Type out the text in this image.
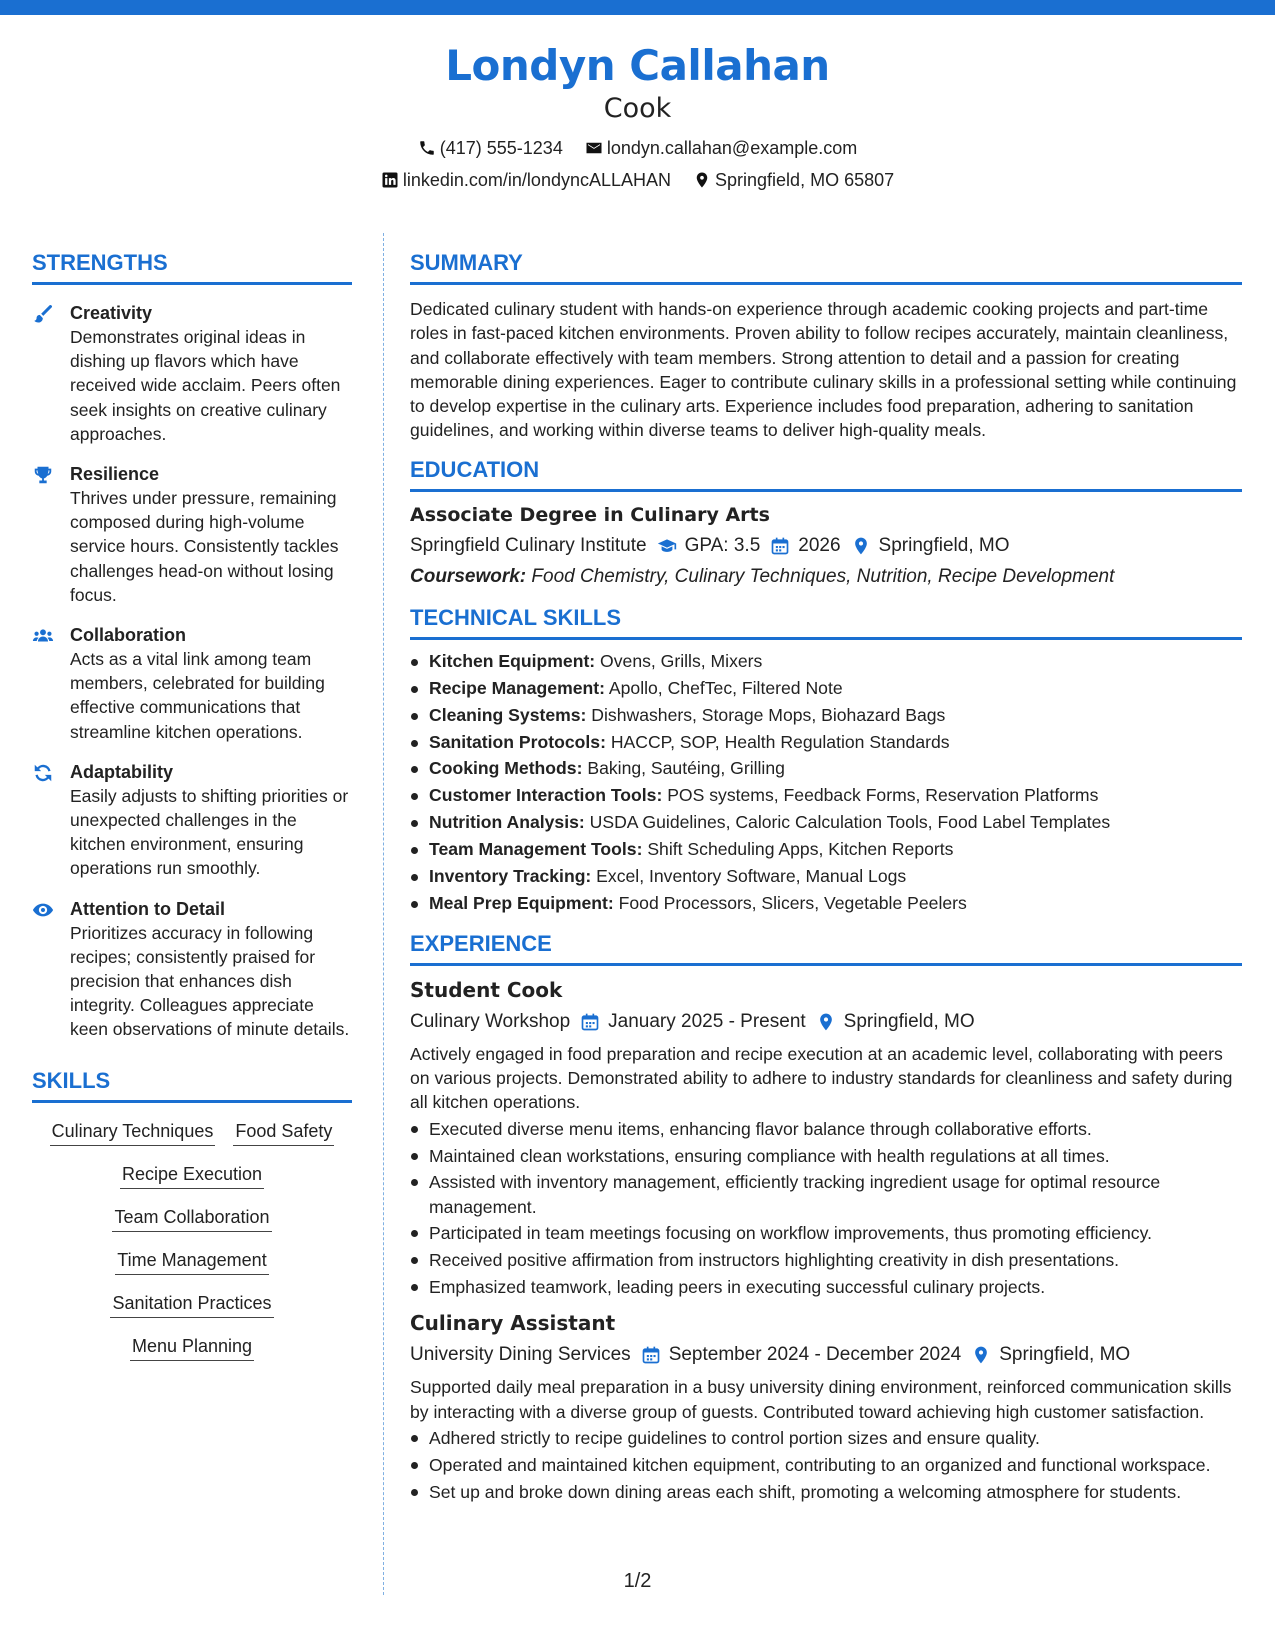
Londyn Callahan
Cook
(417) 555-1234 londyn.callahan@example.com
linkedin.com/in/londyncALLAHAN Springfield, MO 65807
STRENGTHS
Creativity
Demonstrates original ideas in dishing up flavors which have received wide acclaim. Peers often seek insights on creative culinary approaches.
Resilience
Thrives under pressure, remaining composed during high-volume service hours. Consistently tackles challenges head-on without losing focus.
Collaboration
Acts as a vital link among team members, celebrated for building effective communications that streamline kitchen operations.
Adaptability
Easily adjusts to shifting priorities or unexpected challenges in the kitchen environment, ensuring operations run smoothly.
Attention to Detail
Prioritizes accuracy in following recipes; consistently praised for precision that enhances dish integrity. Colleagues appreciate keen observations of minute details.
SKILLS
Culinary Techniques Food Safety
Recipe Execution
Team Collaboration
Time Management
Sanitation Practices
Menu Planning
SUMMARY
Dedicated culinary student with hands-on experience through academic cooking projects and part-time roles in fast-paced kitchen environments. Proven ability to follow recipes accurately, maintain cleanliness, and collaborate effectively with team members. Strong attention to detail and a passion for creating memorable dining experiences. Eager to contribute culinary skills in a professional setting while continuing to develop expertise in the culinary arts. Experience includes food preparation, adhering to sanitation guidelines, and working within diverse teams to deliver high-quality meals.
EDUCATION
Associate Degree in Culinary Arts
Springfield Culinary Institute GPA: 3.5 2026 Springfield, MO
Coursework: Food Chemistry, Culinary Techniques, Nutrition, Recipe Development
TECHNICAL SKILLS
Kitchen Equipment: Ovens, Grills, Mixers
Recipe Management: Apollo, ChefTec, Filtered Note
Cleaning Systems: Dishwashers, Storage Mops, Biohazard Bags
Sanitation Protocols: HACCP, SOP, Health Regulation Standards
Cooking Methods: Baking, Sautéing, Grilling
Customer Interaction Tools: POS systems, Feedback Forms, Reservation Platforms
Nutrition Analysis: USDA Guidelines, Caloric Calculation Tools, Food Label Templates
Team Management Tools: Shift Scheduling Apps, Kitchen Reports
Inventory Tracking: Excel, Inventory Software, Manual Logs
Meal Prep Equipment: Food Processors, Slicers, Vegetable Peelers
EXPERIENCE
Student Cook
Culinary Workshop January 2025 - Present Springfield, MO
Actively engaged in food preparation and recipe execution at an academic level, collaborating with peers on various projects. Demonstrated ability to adhere to industry standards for cleanliness and safety during all kitchen operations.
Executed diverse menu items, enhancing flavor balance through collaborative efforts.
Maintained clean workstations, ensuring compliance with health regulations at all times.
Assisted with inventory management, efficiently tracking ingredient usage for optimal resource management.
Participated in team meetings focusing on workflow improvements, thus promoting efficiency.
Received positive affirmation from instructors highlighting creativity in dish presentations.
Emphasized teamwork, leading peers in executing successful culinary projects.
Culinary Assistant
University Dining Services September 2024 - December 2024 Springfield, MO
Supported daily meal preparation in a busy university dining environment, reinforced communication skills by interacting with a diverse group of guests. Contributed toward achieving high customer satisfaction.
Adhered strictly to recipe guidelines to control portion sizes and ensure quality.
Operated and maintained kitchen equipment, contributing to an organized and functional workspace.
Set up and broke down dining areas each shift, promoting a welcoming atmosphere for students.
1/2
